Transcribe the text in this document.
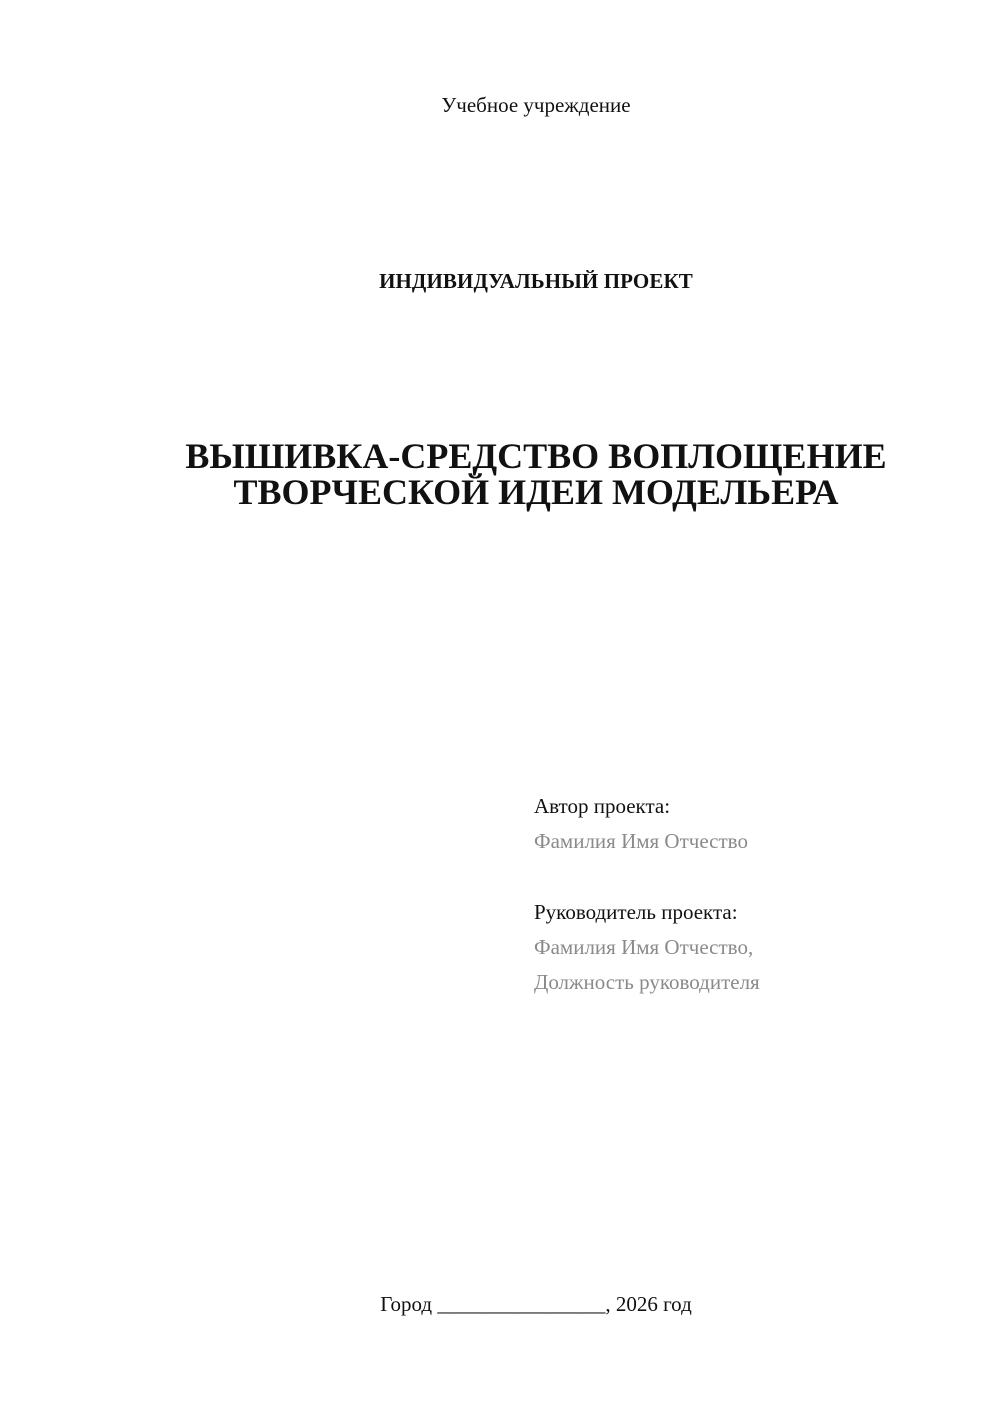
Учебное учреждение
ИНДИВИДУАЛЬНЫЙ ПРОЕКТ
ВЫШИВКА-СРЕДСТВО ВОПЛОЩЕНИЕ
ТВОРЧЕСКОЙ ИДЕИ МОДЕЛЬЕРА
Автор проекта:
Фамилия Имя Отчество
Руководитель проекта:
Фамилия Имя Отчество,
Должность руководителя
Город ________________, 2026 год
